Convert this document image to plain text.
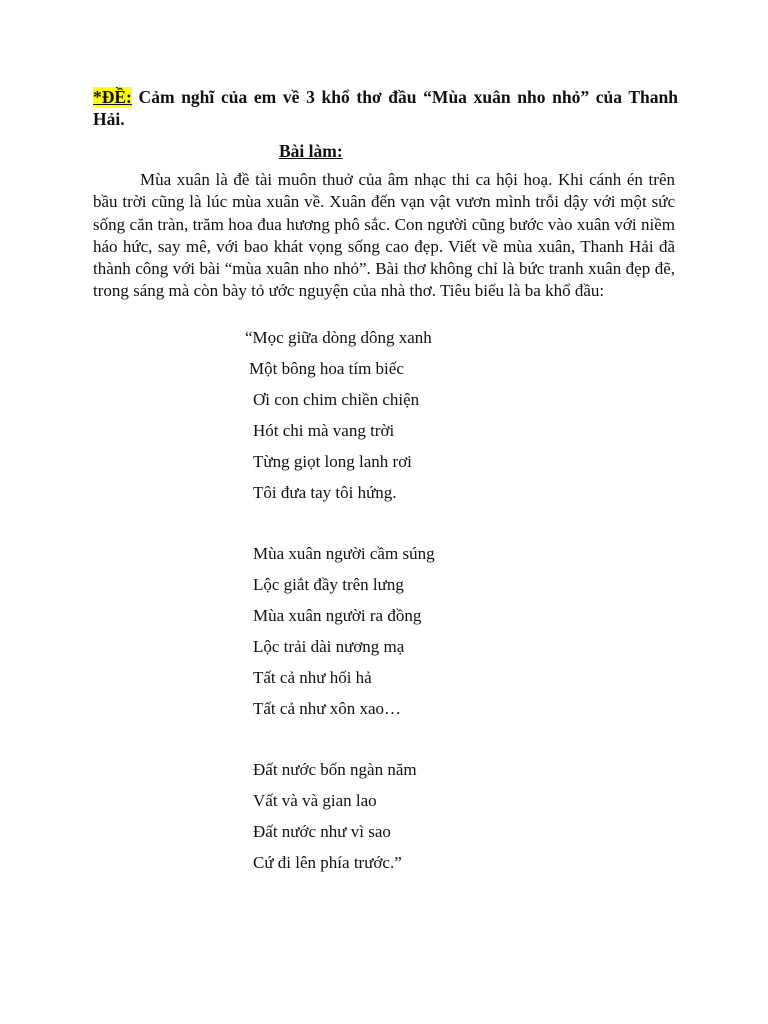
*ĐỀ: Cảm nghĩ của em về 3 khổ thơ đầu “Mùa xuân nho nhỏ” của Thanh Hải.
Bài làm:

Mùa xuân là đề tài muôn thuở của âm nhạc thi ca hội hoạ. Khi cánh én trên bầu trời cũng là lúc mùa xuân về. Xuân đến vạn vật vươn mình trỗi dậy với một sức sống căn tràn, trăm hoa đua hương phô sắc. Con người cũng bước vào xuân với niềm háo hức, say mê, với bao khát vọng sống cao đẹp. Viết về mùa xuân, Thanh Hải đã thành công với bài “mùa xuân nho nhỏ”. Bài thơ không chỉ là bức tranh xuân đẹp đẽ, trong sáng mà còn bày tỏ ước nguyện của nhà thơ. Tiêu biểu là ba khổ đầu:

“Mọc giữa dòng dông xanh
Một bông hoa tím biếc
Ơi con chim chiền chiện
Hót chi mà vang trời
Từng giọt long lanh rơi
Tôi đưa tay tôi hứng.
Mùa xuân người cầm súng
Lộc giắt đầy trên lưng
Mùa xuân người ra đồng
Lộc trải dài nương mạ
Tất cả như hối hả
Tất cả như xôn xao…
Đất nước bốn ngàn năm
Vất và và gian lao
Đất nước như vì sao
Cứ đi lên phía trước.”
